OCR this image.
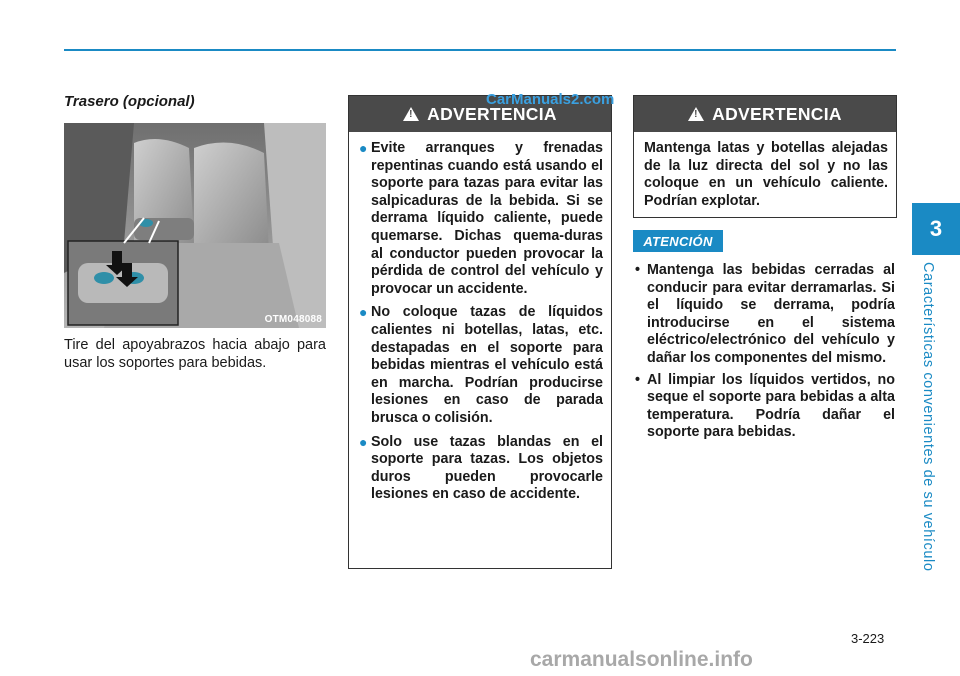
3
Características convenientes de su vehículo
Trasero (opcional)
OTM048088

Tire del apoyabrazos hacia abajo para usar los soportes para bebidas.

!
ADVERTENCIA
● Evite arranques y frenadas repentinas cuando está usando el soporte para tazas para evitar las salpicaduras de la bebida. Si se derrama líquido caliente, puede quemarse. Dichas quema-duras al conductor pueden provocar la pérdida de control del vehículo y provocar un accidente.
● No coloque tazas de líquidos calientes ni botellas, latas, etc. destapadas en el soporte para bebidas mientras el vehículo está en marcha. Podrían producirse lesiones en caso de parada brusca o colisión.
● Solo use tazas blandas en el soporte para tazas. Los objetos duros pueden provocarle lesiones en caso de accidente.
CarManuals2.com
!
ADVERTENCIA
Mantenga latas y botellas alejadas de la luz directa del sol y no las coloque en un vehículo caliente. Podrían explotar.
ATENCIÓN
• Mantenga las bebidas cerradas al conducir para evitar derramarlas. Si el líquido se derrama, podría introducirse en el sistema eléctrico/electrónico del vehículo y dañar los componentes del mismo.
• Al limpiar los líquidos vertidos, no seque el soporte para bebidas a alta temperatura. Podría dañar el soporte para bebidas.
3-223
carmanualsonline.info
